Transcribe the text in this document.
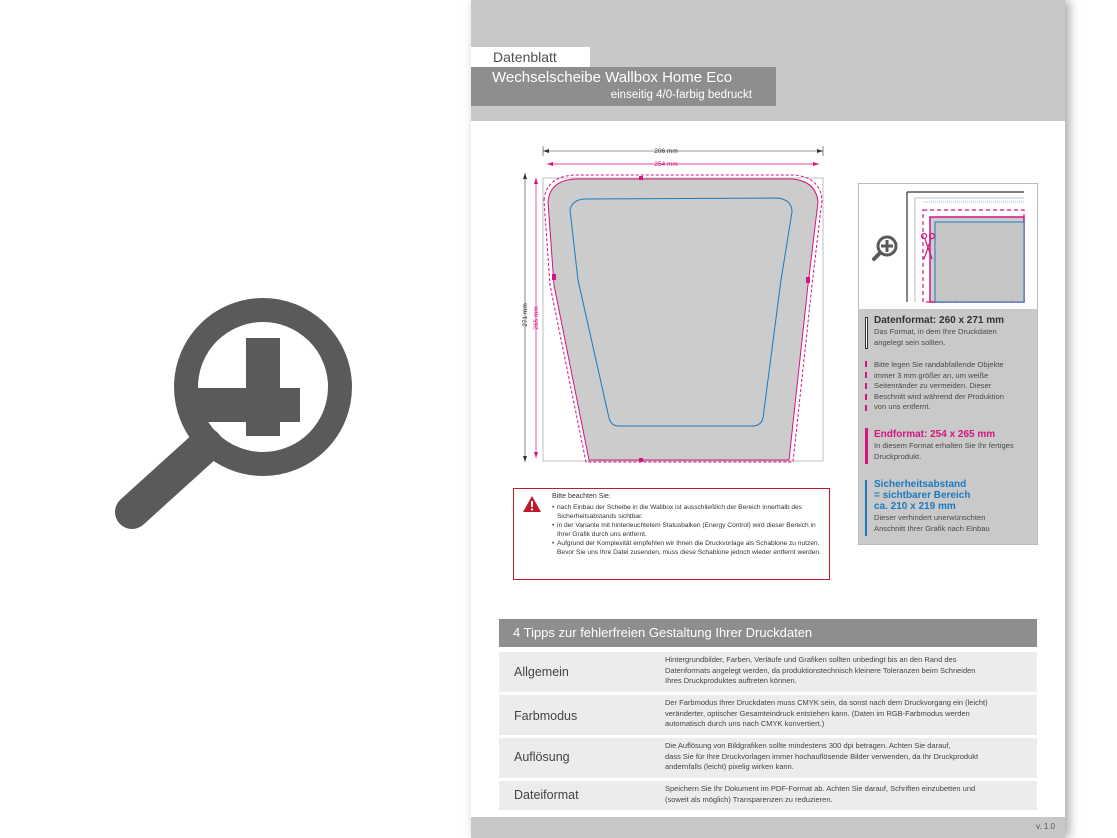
Datenblatt
Wechselscheibe Wallbox Home Eco
einseitig 4/0-farbig bedruckt
206 mm
254 mm
271 mm 265 mm	Datenformat: 260 x 271 mm
Das Format, in dem Ihre Druckdaten
angelegt sein sollten.
Bitte legen Sie randabfallende Objekte
immer 3 mm größer an, um weiße
Seitenränder zu vermeiden. Dieser
Beschnitt wird während der Produktion
von uns entfernt.
Endformat: 254 x 265 mm
In diesem Format erhalten Sie Ihr fertiges
Druckprodukt.
Sicherheitsabstand
= sichtbarer Bereich
ca. 210 x 219 mm
Dieser verhindert unerwünschten
Anschnitt Ihrer Grafik nach Einbau
Bitte beachten Sie:
• nach Einbau der Scheibe in die Wallbox ist ausschließlich der Bereich innerhalb des Sicherheitsabstands sichtbar.
• in der Variante mit hinterleuchtetem Statusbalken (Energy Control) wird dieser Bereich in Ihrer Grafik durch uns entfernt.
• Aufgrund der Komplexität empfehlen wir Ihnen die Druckvorlage als Schablone zu nutzen. Bevor Sie uns Ihre Datei zusenden, muss diese Schablone jedoch wieder entfernt werden.
4 Tipps zur fehlerfreien Gestaltung Ihrer Druckdaten
Allgemein
Hintergrundbilder, Farben, Verläufe und Grafiken sollten unbedingt bis an den Rand des
Datenformats angelegt werden, da produktionstechnisch kleinere Toleranzen beim Schneiden
Ihres Druckproduktes auftreten können.
Farbmodus
Der Farbmodus Ihrer Druckdaten muss CMYK sein, da sonst nach dem Druckvorgang ein (leicht)
veränderter, optischer Gesamteindruck entstehen kann. (Daten im RGB-Farbmodus werden
automatisch durch uns nach CMYK konvertiert.)
Auflösung
Die Auflösung von Bildgrafiken sollte mindestens 300 dpi betragen. Achten Sie darauf,
dass Sie für Ihre Druckvorlagen immer hochauflösende Bilder verwenden, da Ihr Druckprodukt
andernfalls (leicht) pixelig wirken kann.
Dateiformat	Speichern Sie Ihr Dokument im PDF-Format ab. Achten Sie darauf, Schriften einzubetten und
(soweit als möglich) Transparenzen zu reduzieren.
v. 1.0
